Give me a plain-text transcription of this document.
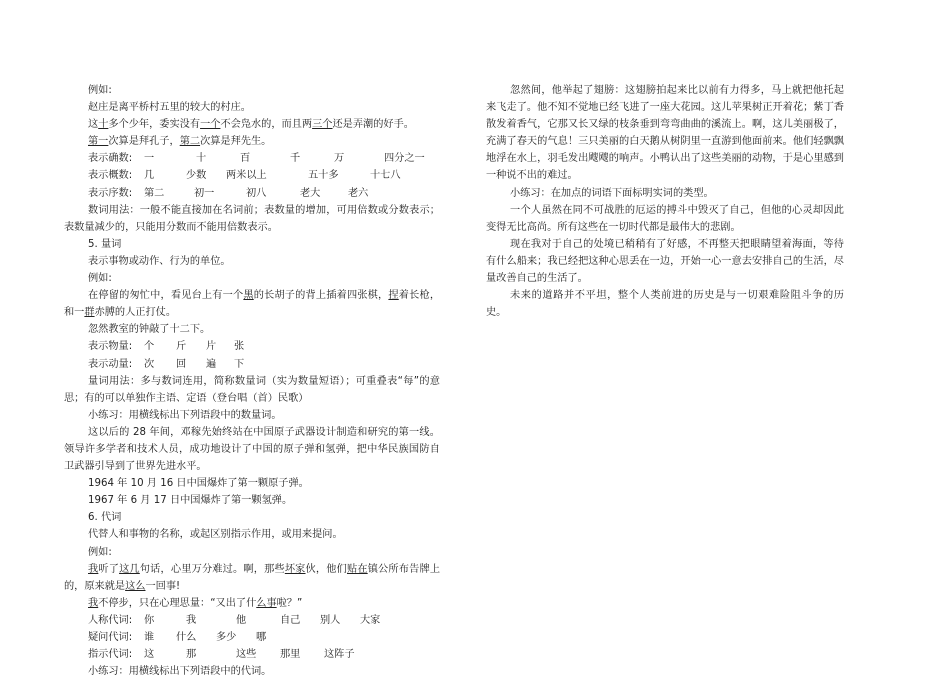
例如:
赵庄是离平桥村五里的较大的村庄。
这十多个少年，委实没有一个不会凫水的，而且两三个还是弄潮的好手。
第一次算是拜孔子，第二次算是拜先生。
表示确数:	一	十	百	千	万	四分之一
表示概数:	几	少数	两米以上	五十多	十七八
表示序数:	第二	初一	初八	老大	老六
数词用法：一般不能直接加在名词前；表数量的增加，可用倍数或分数表示；表数量减少的，只能用分数而不能用倍数表示。
5. 量词
表示事物或动作、行为的单位。
例如:
在停留的匆忙中，看见台上有一个黑的长胡子的背上插着四张棋，捏着长枪，和一群赤膊的人正打仗。
忽然教室的钟敲了十二下。
表示物量:	个	斤	片	张
表示动量:	次	回	遍	下
量词用法：多与数词连用，简称数量词（实为数量短语）；可重叠表“每”的意思；有的可以单独作主语、定语（登台唱（首）民歌）
小练习：用横线标出下列语段中的数量词。
这以后的 28 年间，邓稼先始终站在中国原子武器设计制造和研究的第一线。领导许多学者和技术人员，成功地设计了中国的原子弹和氢弹，把中华民族国防自卫武器引导到了世界先进水平。
1964 年 10 月 16 日中国爆炸了第一颗原子弹。
1967 年 6 月 17 日中国爆炸了第一颗氢弹。
6. 代词
代替人和事物的名称，或起区别指示作用，或用来提问。
例如:
我听了这几句话，心里万分难过。啊，那些坏家伙，他们贴在镇公所布告牌上的，原来就是这么一回事!
我不停步，只在心理思量：“又出了什么事啦？”
人称代词:	你	我	他	自己	别人	大家
疑问代词:	谁	什么	多少	哪
指示代词:	这	那	这些	那里	这阵子
小练习：用横线标出下列语段中的代词。
忽然间，他举起了翅膀：这翅膀拍起来比以前有力得多，马上就把他托起来飞走了。他不知不觉地已经飞进了一座大花园。这儿苹果树正开着花；紫丁香散发着香气，它那又长又绿的枝条垂到弯弯曲曲的溪流上。啊，这儿美丽极了，充满了春天的气息！三只美丽的白天鹅从树阴里一直游到他面前来。他们轻飘飘地浮在水上，羽毛发出飕飕的响声。小鸭认出了这些美丽的动物，于是心里感到一种说不出的难过。
小练习：在加点的词语下面标明实词的类型。
一个人虽然在同不可战胜的厄运的搏斗中毁灭了自己，但他的心灵却因此变得无比高尚。所有这些在一切时代都是最伟大的悲剧。
现在我对于自己的处境已稍稍有了好感，不再整天把眼睛望着海面，等待有什么船来；我已经把这种心思丢在一边，开始一心一意去安排自己的生活，尽量改善自己的生活了。
未来的道路并不平坦，整个人类前进的历史是与一切艰难险阻斗争的历史。
